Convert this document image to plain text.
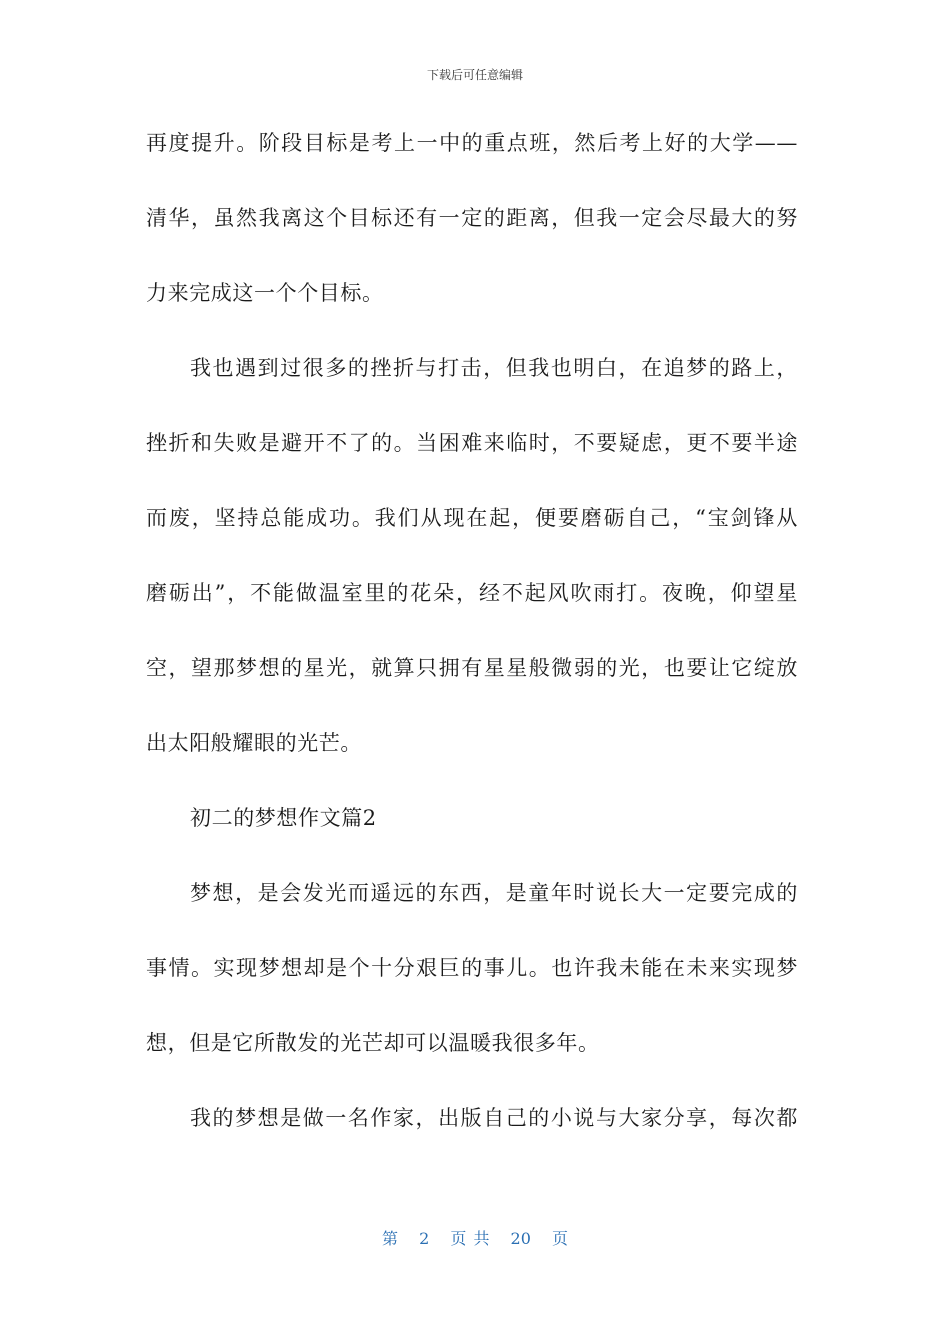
下载后可任意编辑
再度提升。阶段目标是考上一中的重点班，然后考上好的大学——
清华，虽然我离这个目标还有一定的距离，但我一定会尽最大的努
力来完成这一个个目标。
我也遇到过很多的挫折与打击，但我也明白，在追梦的路上，
挫折和失败是避开不了的。当困难来临时，不要疑虑，更不要半途
而废，坚持总能成功。我们从现在起，便要磨砺自己，“宝剑锋从
磨砺出”，不能做温室里的花朵，经不起风吹雨打。夜晚，仰望星
空，望那梦想的星光，就算只拥有星星般微弱的光，也要让它绽放
出太阳般耀眼的光芒。
初二的梦想作文篇2
梦想，是会发光而遥远的东西，是童年时说长大一定要完成的
事情。实现梦想却是个十分艰巨的事儿。也许我未能在未来实现梦
想，但是它所散发的光芒却可以温暖我很多年。
我的梦想是做一名作家，出版自己的小说与大家分享，每次都
第 2 页 共 20 页
